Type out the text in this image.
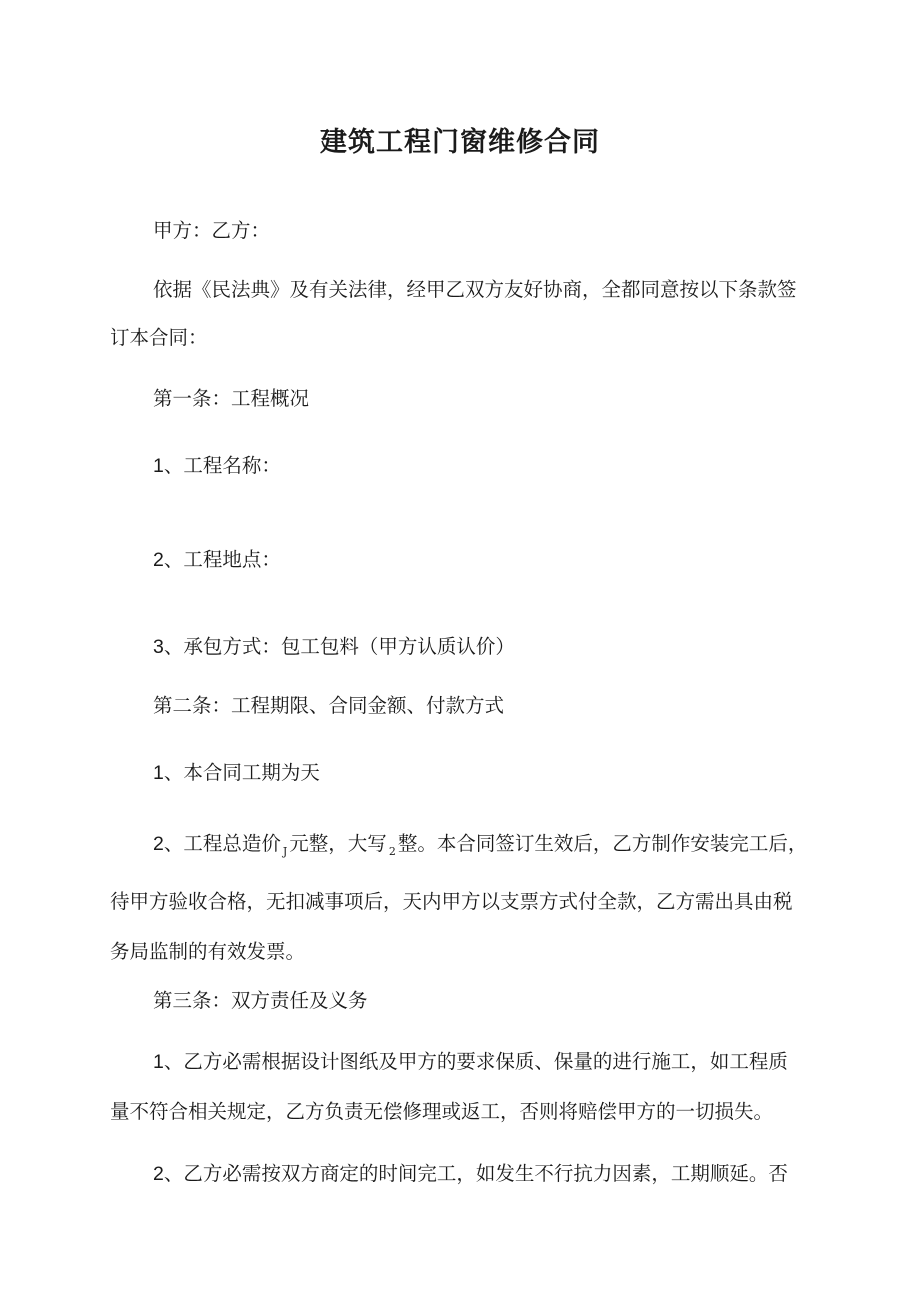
建筑工程门窗维修合同
甲方：乙方：
依据《民法典》及有关法律，经甲乙双方友好协商，全都同意按以下条款签
订本合同：
第一条：工程概况
1、工程名称：
2、工程地点：
3、承包方式：包工包料（甲方认质认价）
第二条：工程期限、合同金额、付款方式
1、本合同工期为天
2、工程总造价 $_J$ 元整，大写 $_2$ 整。本合同签订生效后，乙方制作安装完工后，
待甲方验收合格，无扣减事项后，天内甲方以支票方式付全款，乙方需出具由税
务局监制的有效发票。
第三条：双方责任及义务
1、乙方必需根据设计图纸及甲方的要求保质、保量的进行施工，如工程质
量不符合相关规定，乙方负责无偿修理或返工，否则将赔偿甲方的一切损失。
2、乙方必需按双方商定的时间完工，如发生不行抗力因素，工期顺延。否
